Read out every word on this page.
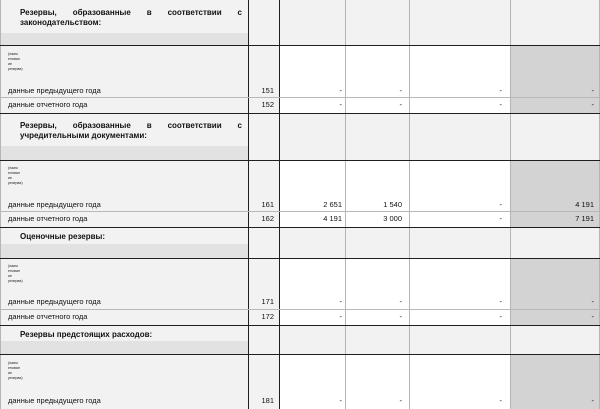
Резервы, образованные в соответствии с законодательством:
(наим
енован
ие
резерва)
данные предыдущего года	151	-	-	-	-
данные отчетного года	152	-	-	-	-
Резервы, образованные в соответствии с учредительными документами:
(наим
енован
ие
резерва)
данные предыдущего года	161	2 651	1 540	-	4 191
данные отчетного года	162	4 191	3 000	-	7 191
Оценочные резервы:
(наим
енован
ие
резерва)
данные предыдущего года	171	-	-	-	-
данные отчетного года	172	-	-	-	-
Резервы предстоящих расходов:
(наим
енован
ие
резерва)
данные предыдущего года	181	-	-	-	-
